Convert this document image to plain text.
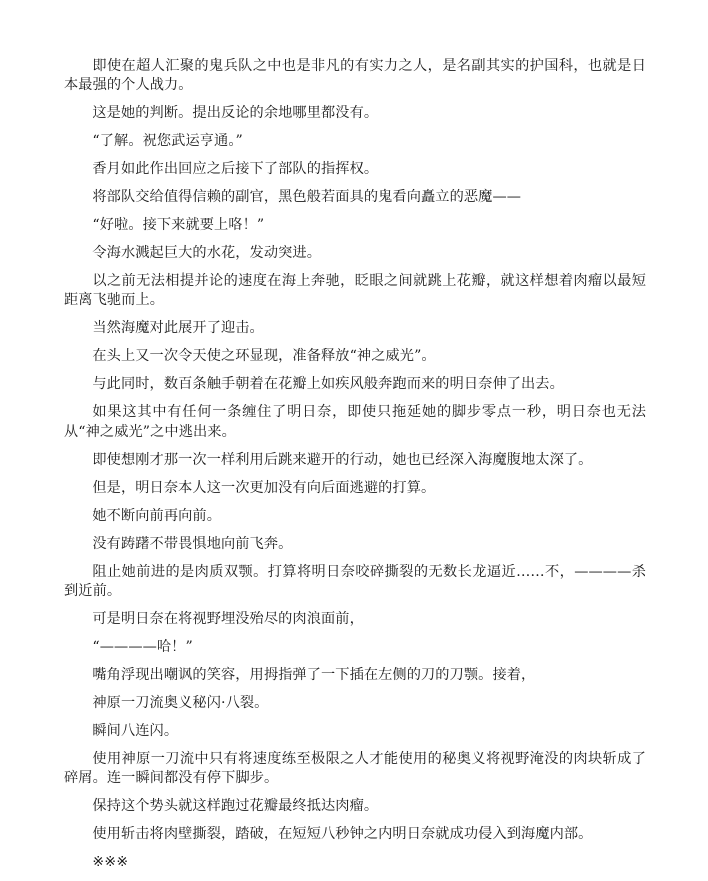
即使在超人汇聚的鬼兵队之中也是非凡的有实力之人，是名副其实的护国科，也就是日本最强的个人战力。

这是她的判断。提出反论的余地哪里都没有。

“了解。祝您武运亨通。”

香月如此作出回应之后接下了部队的指挥权。

将部队交给值得信赖的副官，黑色般若面具的鬼看向矗立的恶魔——

“好啦。接下来就要上咯！”

令海水溅起巨大的水花，发动突进。

以之前无法相提并论的速度在海上奔驰，眨眼之间就跳上花瓣，就这样想着肉瘤以最短距离飞驰而上。

当然海魔对此展开了迎击。

在头上又一次令天使之环显现，准备释放“神之威光”。

与此同时，数百条触手朝着在花瓣上如疾风般奔跑而来的明日奈伸了出去。

如果这其中有任何一条缠住了明日奈，即使只拖延她的脚步零点一秒，明日奈也无法从“神之威光”之中逃出来。

即使想刚才那一次一样利用后跳来避开的行动，她也已经深入海魔腹地太深了。

但是，明日奈本人这一次更加没有向后面逃避的打算。

她不断向前再向前。

没有踌躇不带畏惧地向前飞奔。

阻止她前进的是肉质双颚。打算将明日奈咬碎撕裂的无数长龙逼近……不，————杀到近前。

可是明日奈在将视野埋没殆尽的肉浪面前，

“————哈！”

嘴角浮现出嘲讽的笑容，用拇指弹了一下插在左侧的刀的刀颚。接着，

神原一刀流奥义秘闪·八裂。

瞬间八连闪。

使用神原一刀流中只有将速度练至极限之人才能使用的秘奥义将视野淹没的肉块斩成了碎屑。连一瞬间都没有停下脚步。

保持这个势头就这样跑过花瓣最终抵达肉瘤。

使用斩击将肉壁撕裂，踏破，在短短八秒钟之内明日奈就成功侵入到海魔内部。

※※※
